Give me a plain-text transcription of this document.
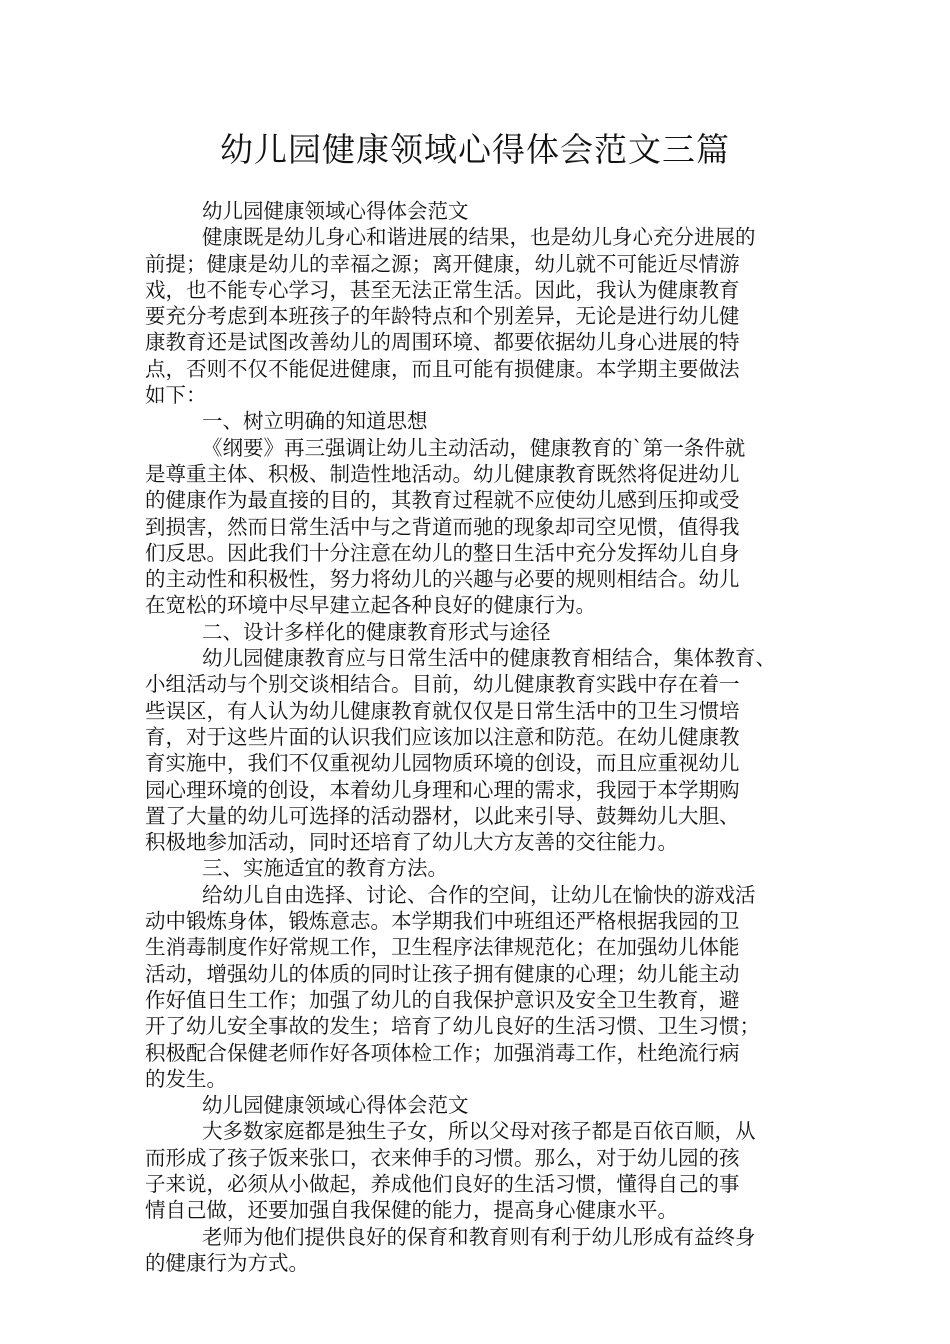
幼儿园健康领域心得体会范文三篇
幼儿园健康领域心得体会范文
健康既是幼儿身心和谐进展的结果，也是幼儿身心充分进展的
前提；健康是幼儿的幸福之源；离开健康，幼儿就不可能近尽情游
戏，也不能专心学习，甚至无法正常生活。因此，我认为健康教育
要充分考虑到本班孩子的年龄特点和个别差异，无论是进行幼儿健
康教育还是试图改善幼儿的周围环境、都要依据幼儿身心进展的特
点，否则不仅不能促进健康，而且可能有损健康。本学期主要做法
如下：
一、树立明确的知道思想
《纲要》再三强调让幼儿主动活动，健康教育的`第一条件就
是尊重主体、积极、制造性地活动。幼儿健康教育既然将促进幼儿
的健康作为最直接的目的，其教育过程就不应使幼儿感到压抑或受
到损害，然而日常生活中与之背道而驰的现象却司空见惯，值得我
们反思。因此我们十分注意在幼儿的整日生活中充分发挥幼儿自身
的主动性和积极性，努力将幼儿的兴趣与必要的规则相结合。幼儿
在宽松的环境中尽早建立起各种良好的健康行为。
二、设计多样化的健康教育形式与途径
幼儿园健康教育应与日常生活中的健康教育相结合，集体教育、
小组活动与个别交谈相结合。目前，幼儿健康教育实践中存在着一
些误区，有人认为幼儿健康教育就仅仅是日常生活中的卫生习惯培
育，对于这些片面的认识我们应该加以注意和防范。在幼儿健康教
育实施中，我们不仅重视幼儿园物质环境的创设，而且应重视幼儿
园心理环境的创设，本着幼儿身理和心理的需求，我园于本学期购
置了大量的幼儿可选择的活动器材，以此来引导、鼓舞幼儿大胆、
积极地参加活动，同时还培育了幼儿大方友善的交往能力。
三、实施适宜的教育方法。
给幼儿自由选择、讨论、合作的空间，让幼儿在愉快的游戏活
动中锻炼身体，锻炼意志。本学期我们中班组还严格根据我园的卫
生消毒制度作好常规工作，卫生程序法律规范化；在加强幼儿体能
活动，增强幼儿的体质的同时让孩子拥有健康的心理；幼儿能主动
作好值日生工作；加强了幼儿的自我保护意识及安全卫生教育，避
开了幼儿安全事故的发生；培育了幼儿良好的生活习惯、卫生习惯；
积极配合保健老师作好各项体检工作；加强消毒工作，杜绝流行病
的发生。
幼儿园健康领域心得体会范文
大多数家庭都是独生子女，所以父母对孩子都是百依百顺，从
而形成了孩子饭来张口，衣来伸手的习惯。那么，对于幼儿园的孩
子来说，必须从小做起，养成他们良好的生活习惯，懂得自己的事
情自己做，还要加强自我保健的能力，提高身心健康水平。
老师为他们提供良好的保育和教育则有利于幼儿形成有益终身
的健康行为方式。
